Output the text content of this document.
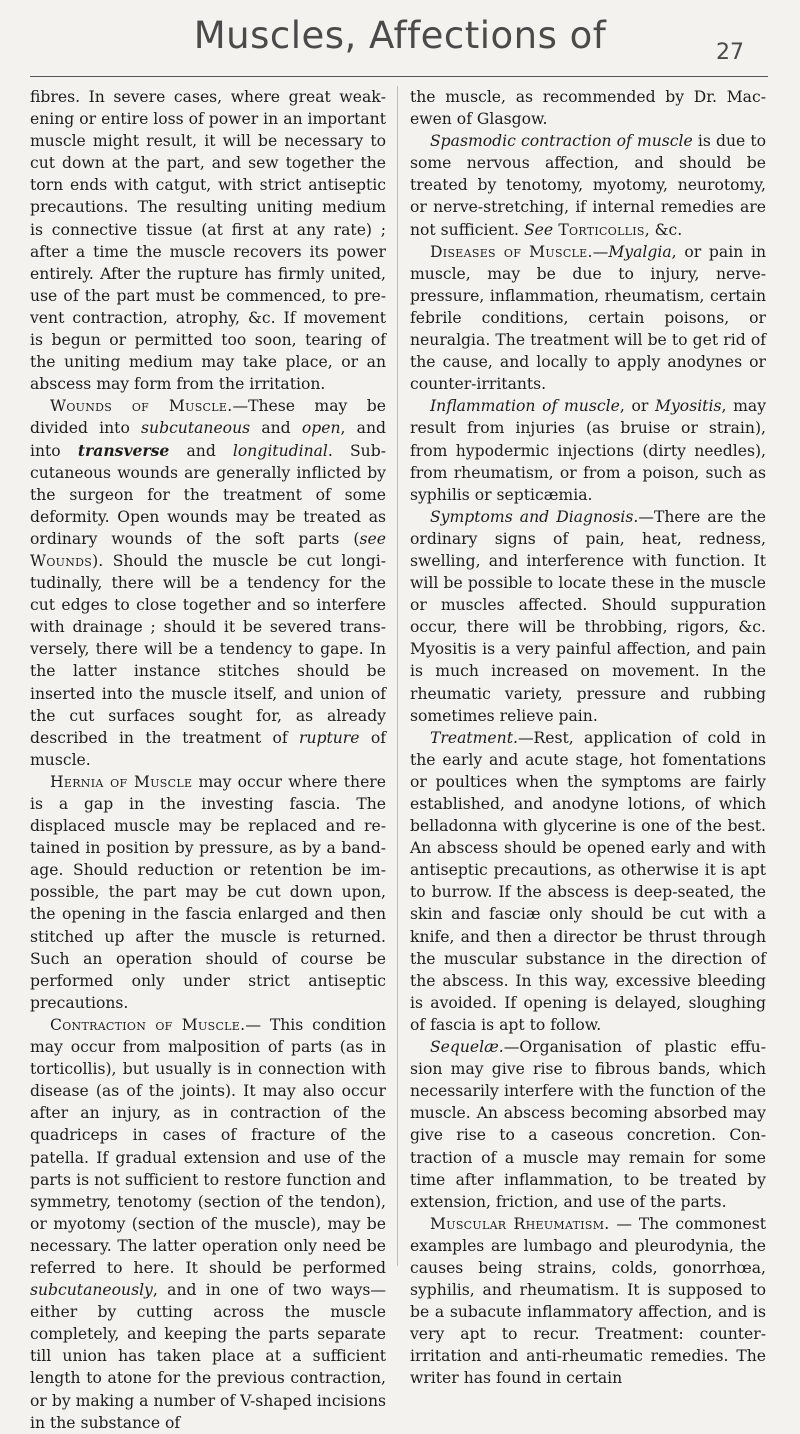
Muscles, Affections of	27

fibres. In severe cases, where great weakening or entire loss of power in an important muscle might result, it will be necessary to cut down at the part, and sew together the torn ends with catgut, with strict antiseptic precautions. The resulting uniting medium is connective tissue (at first at any rate) ; after a time the muscle recovers its power entirely. After the rupture has firmly united, use of the part must be commenced, to prevent contraction, atrophy, &c. If movement is begun or permitted too soon, tearing of the uniting medium may take place, or an abscess may form from the irritation.

Wounds of Muscle.—These may be divided into subcutaneous and open, and into transverse and longitudinal. Subcutaneous wounds are generally inflicted by the surgeon for the treatment of some deformity. Open wounds may be treated as ordinary wounds of the soft parts (see Wounds). Should the muscle be cut longitudinally, there will be a tendency for the cut edges to close together and so interfere with drainage ; should it be severed transversely, there will be a tendency to gape. In the latter instance stitches should be inserted into the muscle itself, and union of the cut surfaces sought for, as already described in the treatment of rupture of muscle.

Hernia of Muscle may occur where there is a gap in the investing fascia. The displaced muscle may be replaced and retained in position by pressure, as by a bandage. Should reduction or retention be impossible, the part may be cut down upon, the opening in the fascia enlarged and then stitched up after the muscle is returned. Such an operation should of course be performed only under strict antiseptic precautions.

Contraction of Muscle.— This condition may occur from malposition of parts (as in torticollis), but usually is in connection with disease (as of the joints). It may also occur after an injury, as in contraction of the quadriceps in cases of fracture of the patella. If gradual extension and use of the parts is not sufficient to restore function and symmetry, tenotomy (section of the tendon), or myotomy (section of the muscle), may be necessary. The latter operation only need be referred to here. It should be performed subcutaneously, and in one of two ways—either by cutting across the muscle completely, and keeping the parts separate till union has taken place at a sufficient length to atone for the previous contraction, or by making a number of V-shaped incisions in the substance of

the muscle, as recommended by Dr. Macewen of Glasgow.

Spasmodic contraction of muscle is due to some nervous affection, and should be treated by tenotomy, myotomy, neurotomy, or nerve-stretching, if internal remedies are not sufficient. See Torticollis, &c.

Diseases of Muscle.—Myalgia, or pain in muscle, may be due to injury, nerve-pressure, inflammation, rheumatism, certain febrile conditions, certain poisons, or neuralgia. The treatment will be to get rid of the cause, and locally to apply anodynes or counter-irritants.

Inflammation of muscle, or Myositis, may result from injuries (as bruise or strain), from hypodermic injections (dirty needles), from rheumatism, or from a poison, such as syphilis or septicæmia.

Symptoms and Diagnosis.—There are the ordinary signs of pain, heat, redness, swelling, and interference with function. It will be possible to locate these in the muscle or muscles affected. Should suppuration occur, there will be throbbing, rigors, &c. Myositis is a very painful affection, and pain is much increased on movement. In the rheumatic variety, pressure and rubbing sometimes relieve pain.

Treatment.—Rest, application of cold in the early and acute stage, hot fomentations or poultices when the symptoms are fairly established, and anodyne lotions, of which belladonna with glycerine is one of the best. An abscess should be opened early and with antiseptic precautions, as otherwise it is apt to burrow. If the abscess is deep-seated, the skin and fasciæ only should be cut with a knife, and then a director be thrust through the muscular substance in the direction of the abscess. In this way, excessive bleeding is avoided. If opening is delayed, sloughing of fascia is apt to follow.

Sequelæ.—Organisation of plastic effusion may give rise to fibrous bands, which necessarily interfere with the function of the muscle. An abscess becoming absorbed may give rise to a caseous concretion. Contraction of a muscle may remain for some time after inflammation, to be treated by extension, friction, and use of the parts.

Muscular Rheumatism. — The commonest examples are lumbago and pleurodynia, the causes being strains, colds, gonorrhœa, syphilis, and rheumatism. It is supposed to be a subacute inflammatory affection, and is very apt to recur. Treatment: counter-irritation and anti-rheumatic remedies. The writer has found in certain
